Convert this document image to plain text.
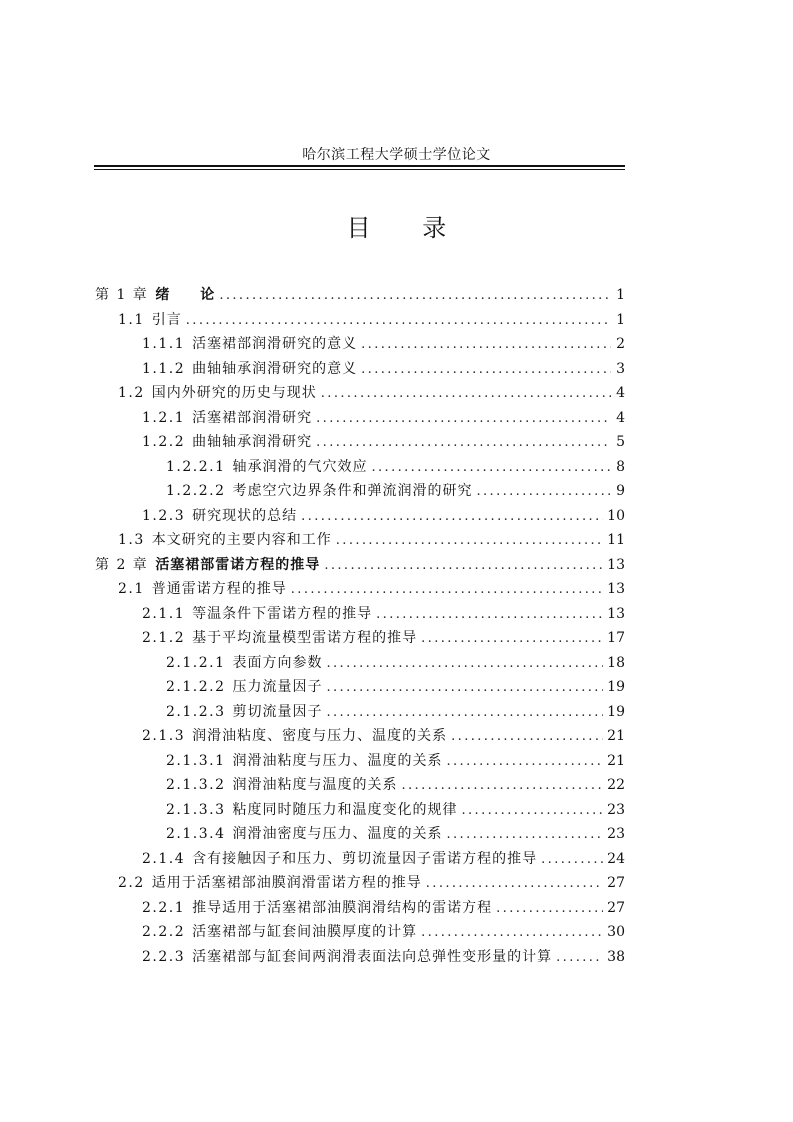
哈尔滨工程大学硕士学位论文
目 录
第 1 章 绪　　论 .....	1
1.1 引言 .....	1
1.1.1 活塞裙部润滑研究的意义 .....	2
1.1.2 曲轴轴承润滑研究的意义 .....	3
1.2 国内外研究的历史与现状 .....	4
1.2.1 活塞裙部润滑研究 .....	4
1.2.2 曲轴轴承润滑研究 .....	5
1.2.2.1 轴承润滑的气穴效应 .....	8
1.2.2.2 考虑空穴边界条件和弹流润滑的研究 .....	9
1.2.3 研究现状的总结 .....	10
1.3 本文研究的主要内容和工作 .....	11
第 2 章 活塞裙部雷诺方程的推导 .....	13
2.1 普通雷诺方程的推导 .....	13
2.1.1 等温条件下雷诺方程的推导 .....	13
2.1.2 基于平均流量模型雷诺方程的推导 .....	17
2.1.2.1 表面方向参数 .....	18
2.1.2.2 压力流量因子 .....	19
2.1.2.3 剪切流量因子 .....	19
2.1.3 润滑油粘度、密度与压力、温度的关系 .....	21
2.1.3.1 润滑油粘度与压力、温度的关系 .....	21
2.1.3.2 润滑油粘度与温度的关系 .....	22
2.1.3.3 粘度同时随压力和温度变化的规律 .....	23
2.1.3.4 润滑油密度与压力、温度的关系 .....	23
2.1.4 含有接触因子和压力、剪切流量因子雷诺方程的推导 .....	24
2.2 适用于活塞裙部油膜润滑雷诺方程的推导 .....	27
2.2.1 推导适用于活塞裙部油膜润滑结构的雷诺方程 .....	27
2.2.2 活塞裙部与缸套间油膜厚度的计算 .....	30
2.2.3 活塞裙部与缸套间两润滑表面法向总弹性变形量的计算 .....	38
